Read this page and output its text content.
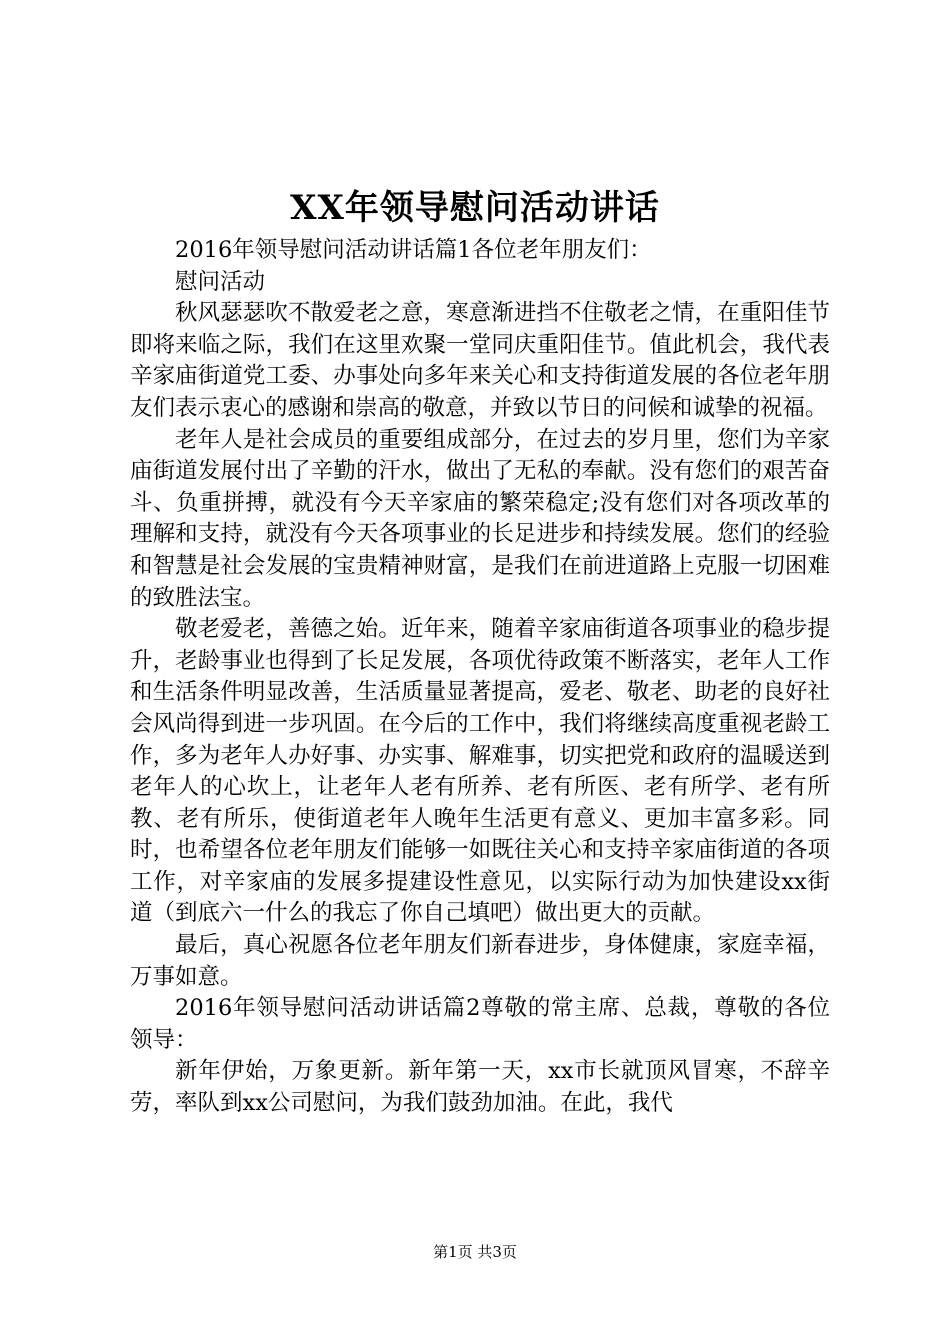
XX年领导慰问活动讲话

2016年领导慰问活动讲话篇1各位老年朋友们：

慰问活动

秋风瑟瑟吹不散爱老之意，寒意渐进挡不住敬老之情，在重阳佳节即将来临之际，我们在这里欢聚一堂同庆重阳佳节。值此机会，我代表辛家庙街道党工委、办事处向多年来关心和支持街道发展的各位老年朋友们表示衷心的感谢和崇高的敬意，并致以节日的问候和诚挚的祝福。

老年人是社会成员的重要组成部分，在过去的岁月里，您们为辛家庙街道发展付出了辛勤的汗水，做出了无私的奉献。没有您们的艰苦奋斗、负重拼搏，就没有今天辛家庙的繁荣稳定;没有您们对各项改革的理解和支持，就没有今天各项事业的长足进步和持续发展。您们的经验和智慧是社会发展的宝贵精神财富，是我们在前进道路上克服一切困难的致胜法宝。

敬老爱老，善德之始。近年来，随着辛家庙街道各项事业的稳步提升，老龄事业也得到了长足发展，各项优待政策不断落实，老年人工作和生活条件明显改善，生活质量显著提高，爱老、敬老、助老的良好社会风尚得到进一步巩固。在今后的工作中，我们将继续高度重视老龄工作，多为老年人办好事、办实事、解难事，切实把党和政府的温暖送到老年人的心坎上，让老年人老有所养、老有所医、老有所学、老有所教、老有所乐，使街道老年人晚年生活更有意义、更加丰富多彩。同时，也希望各位老年朋友们能够一如既往关心和支持辛家庙街道的各项工作，对辛家庙的发展多提建设性意见，以实际行动为加快建设xx街道（到底六一什么的我忘了你自己填吧）做出更大的贡献。

最后，真心祝愿各位老年朋友们新春进步，身体健康，家庭幸福，万事如意。

2016年领导慰问活动讲话篇2尊敬的常主席、总裁，尊敬的各位领导：

新年伊始，万象更新。新年第一天，xx市长就顶风冒寒，不辞辛劳，率队到xx公司慰问，为我们鼓劲加油。在此，我代

第1页 共3页
